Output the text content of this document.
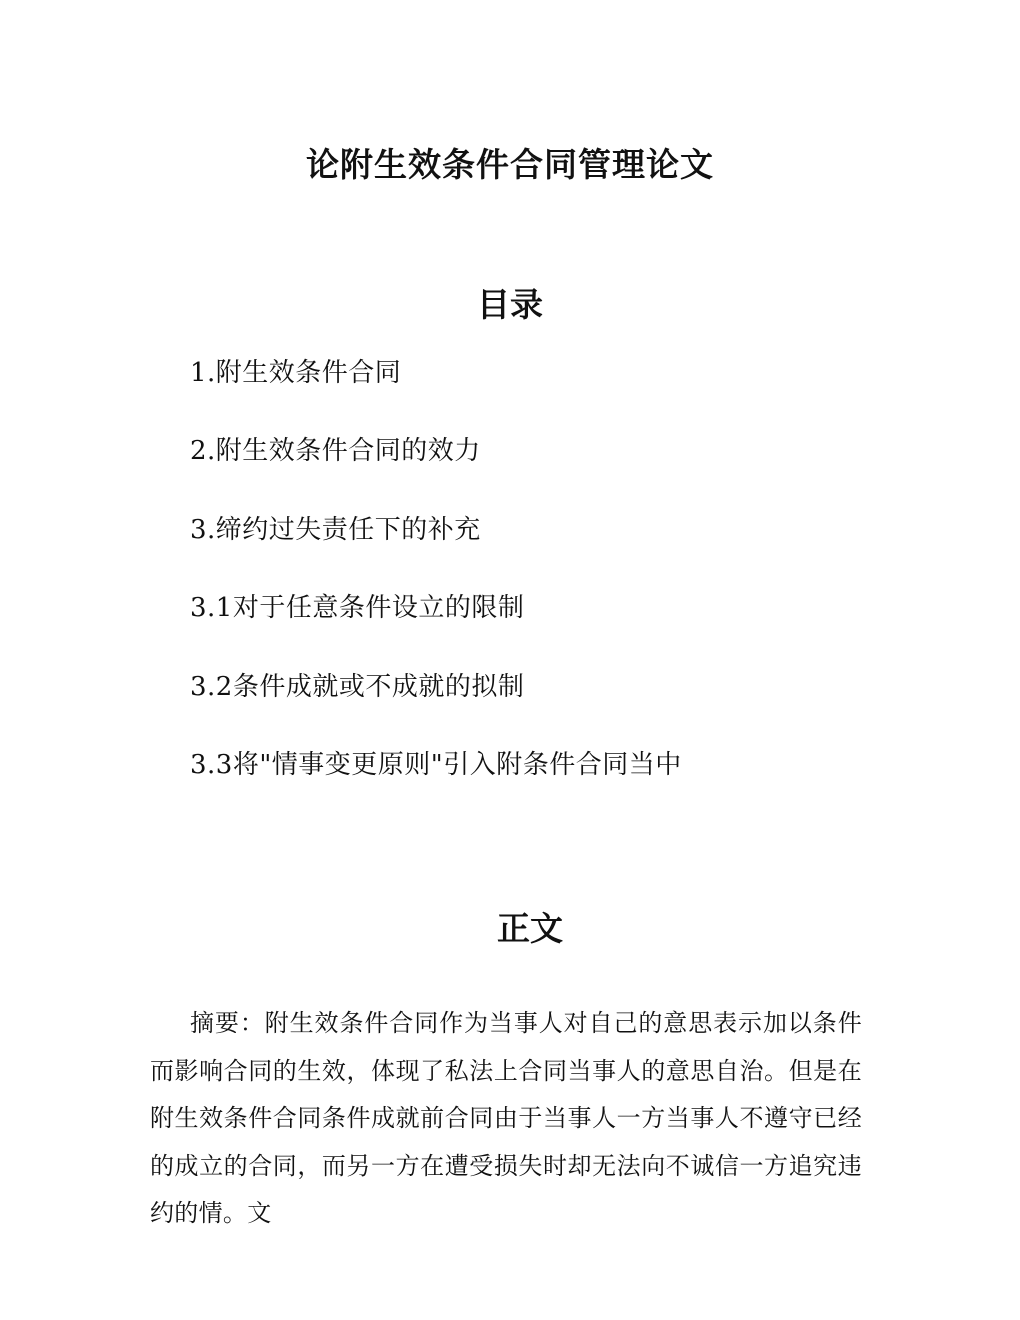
论附生效条件合同管理论文
目录
1.附生效条件合同
2.附生效条件合同的效力
3.缔约过失责任下的补充
3.1对于任意条件设立的限制
3.2条件成就或不成就的拟制
3.3将"情事变更原则"引入附条件合同当中
正文

摘要：附生效条件合同作为当事人对自己的意思表示加以条件而影响合同的生效，体现了私法上合同当事人的意思自治。但是在附生效条件合同条件成就前合同由于当事人一方当事人不遵守已经的成立的合同，而另一方在遭受损失时却无法向不诚信一方追究违约的情。文
